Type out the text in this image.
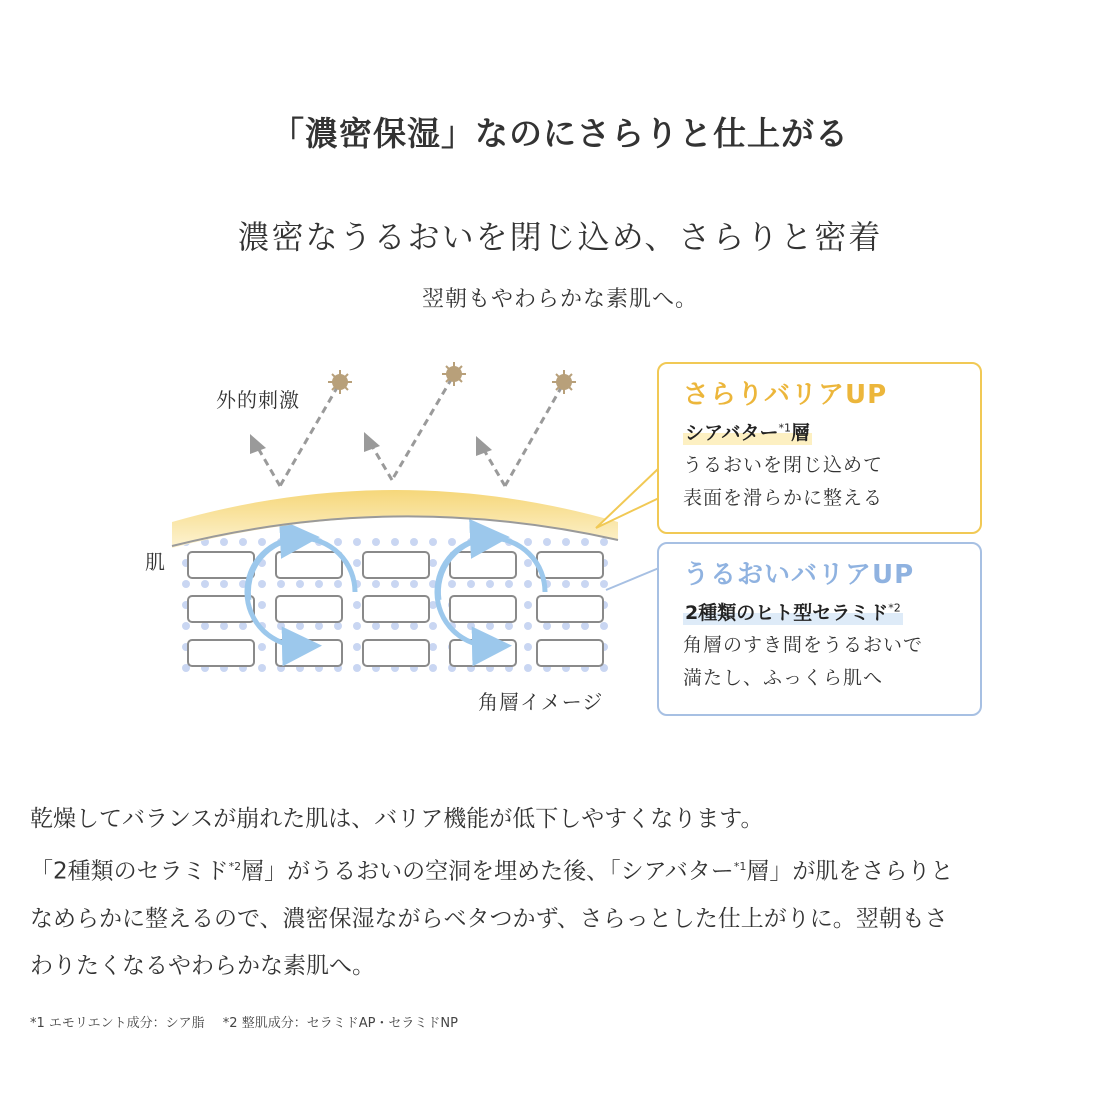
「濃密保湿」なのにさらりと仕上がる
濃密なうるおいを閉じ込め、さらりと密着
翌朝もやわらかな素肌へ。
外的刺激
肌
角層イメージ
さらりバリアUP
シアバター$^{*1}$層
うるおいを閉じ込めて
表面を滑らかに整える
うるおいバリアUP
2種類のヒト型セラミド$^{*2}$
角層のすき間をうるおいで
満たし、ふっくら肌へ

乾燥してバランスが崩れた肌は、バリア機能が低下しやすくなります。

「2種類のセラミド$^{*2}$層」がうるおいの空洞を埋めた後、「シアバター$^{*1}$層」が肌をさらりと

なめらかに整えるので、濃密保湿ながらベタつかず、さらっとした仕上がりに。翌朝もさ

わりたくなるやわらかな素肌へ。

*1 エモリエント成分：シア脂 *2 整肌成分：セラミドAP・セラミドNP
